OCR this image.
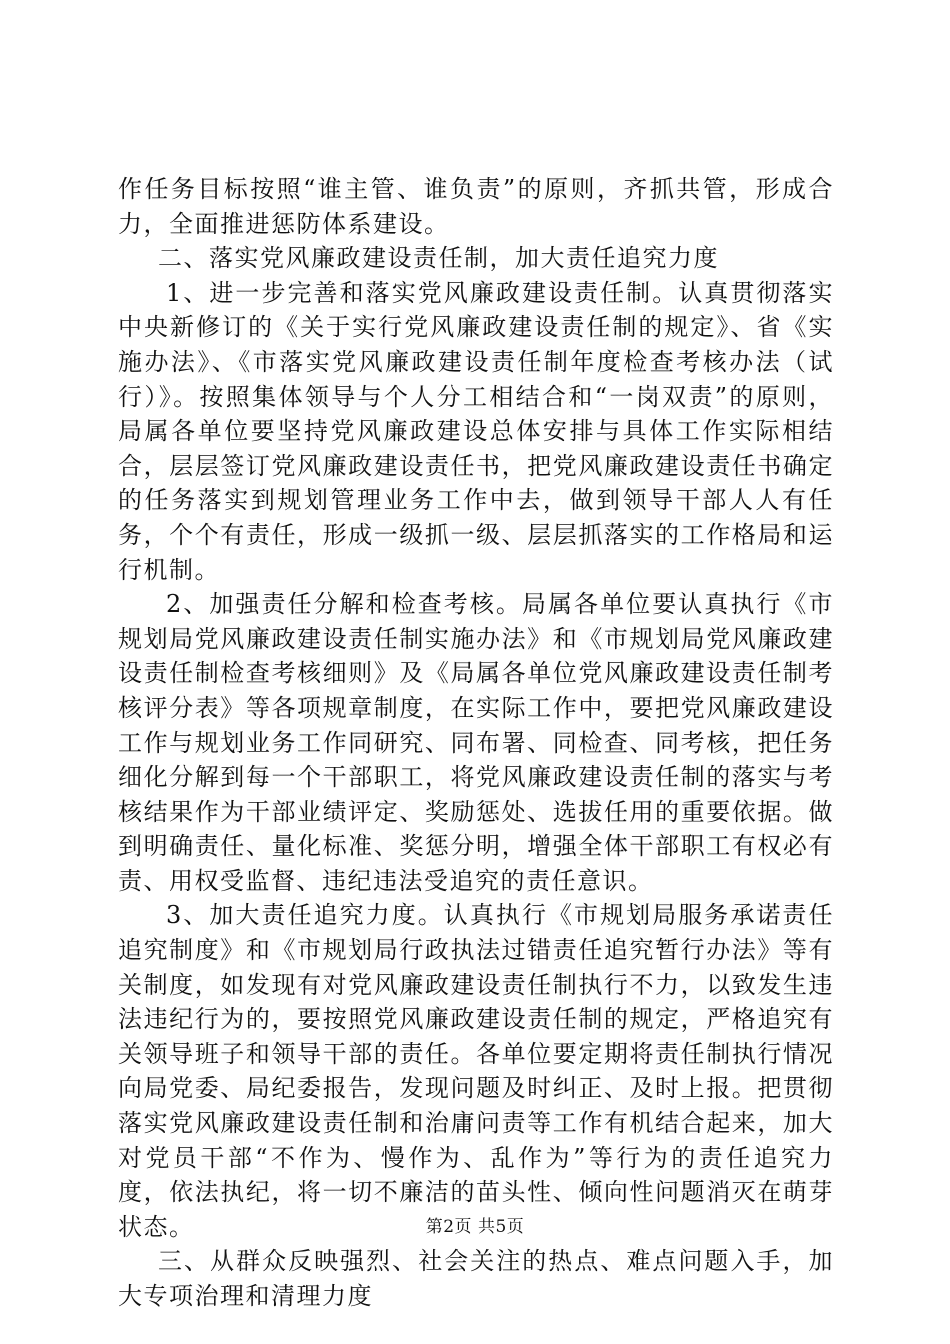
作任务目标按照“谁主管、谁负责”的原则，齐抓共管，形成合力，全面推进惩防体系建设。

二、落实党风廉政建设责任制，加大责任追究力度

1、进一步完善和落实党风廉政建设责任制。认真贯彻落实中央新修订的《关于实行党风廉政建设责任制的规定》、省《实施办法》、《市落实党风廉政建设责任制年度检查考核办法（试行）》。按照集体领导与个人分工相结合和“一岗双责”的原则，局属各单位要坚持党风廉政建设总体安排与具体工作实际相结合，层层签订党风廉政建设责任书，把党风廉政建设责任书确定的任务落实到规划管理业务工作中去，做到领导干部人人有任务，个个有责任，形成一级抓一级、层层抓落实的工作格局和运行机制。

2、加强责任分解和检查考核。局属各单位要认真执行《市规划局党风廉政建设责任制实施办法》和《市规划局党风廉政建设责任制检查考核细则》及《局属各单位党风廉政建设责任制考核评分表》等各项规章制度，在实际工作中，要把党风廉政建设工作与规划业务工作同研究、同布署、同检查、同考核，把任务细化分解到每一个干部职工，将党风廉政建设责任制的落实与考核结果作为干部业绩评定、奖励惩处、选拔任用的重要依据。做到明确责任、量化标准、奖惩分明，增强全体干部职工有权必有责、用权受监督、违纪违法受追究的责任意识。

3、加大责任追究力度。认真执行《市规划局服务承诺责任追究制度》和《市规划局行政执法过错责任追究暂行办法》等有关制度，如发现有对党风廉政建设责任制执行不力，以致发生违法违纪行为的，要按照党风廉政建设责任制的规定，严格追究有关领导班子和领导干部的责任。各单位要定期将责任制执行情况向局党委、局纪委报告，发现问题及时纠正、及时上报。把贯彻落实党风廉政建设责任制和治庸问责等工作有机结合起来，加大对党员干部“不作为、慢作为、乱作为”等行为的责任追究力度，依法执纪，将一切不廉洁的苗头性、倾向性问题消灭在萌芽状态。

三、从群众反映强烈、社会关注的热点、难点问题入手，加大专项治理和清理力度

第2页 共5页
